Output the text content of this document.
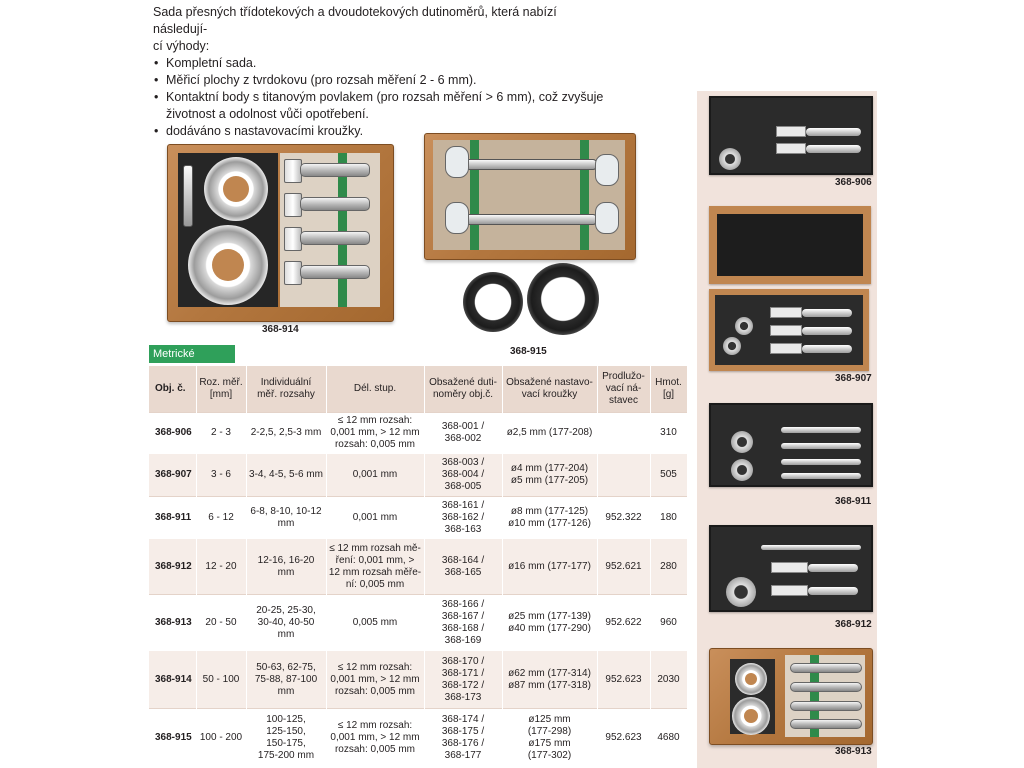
Sada přesných třídotekových a dvoudotekových dutinoměrů, která nabízí následují-

cí výhody:

• Kompletní sada.
• Měřicí plochy z tvrdokovu (pro rozsah měření 2 - 6 mm).
• Kontaktní body s titanovým povlakem (pro rozsah měření > 6 mm), což zvyšuje
životnost a odolnost vůči opotřebení.
• dodáváno s nastavovacími kroužky.
368-914
368-915
368-906
368-907
368-911
368-912
368-913
Metrické
Obj. č.	Roz. měř.
[mm]	Individuální
měř. rozsahy	Dél. stup.	Obsažené duti-
noměry obj.č.	Obsažené nastavo-
vací kroužky	Prodlužo-
vací ná-
stavec	Hmot.
[g]

368-906	2 - 3	2-2,5, 2,5-3 mm	≤ 12 mm rozsah:
0,001 mm, > 12 mm
rozsah: 0,005 mm	368-001 /
368-002	ø2,5 mm (177-208)		310
368-907	3 - 6	3-4, 4-5, 5-6 mm	0,001 mm	368-003 /
368-004 /
368-005	ø4 mm (177-204)
ø5 mm (177-205)		505
368-911	6 - 12	6-8, 8-10, 10-12
mm	0,001 mm	368-161 /
368-162 /
368-163	ø8 mm (177-125)
ø10 mm (177-126)	952.322	180
368-912	12 - 20	12-16, 16-20 mm	≤ 12 mm rozsah mě-
ření: 0,001 mm, >
12 mm rozsah měře-
ní: 0,005 mm	368-164 /
368-165	ø16 mm (177-177)	952.621	280
368-913	20 - 50	20-25, 25-30,
30-40, 40-50 mm	0,005 mm	368-166 /
368-167 /
368-168 /
368-169	ø25 mm (177-139)
ø40 mm (177-290)	952.622	960
368-914	50 - 100	50-63, 62-75,
75-88, 87-100
mm	≤ 12 mm rozsah:
0,001 mm, > 12 mm
rozsah: 0,005 mm	368-170 /
368-171 /
368-172 /
368-173	ø62 mm (177-314)
ø87 mm (177-318)	952.623	2030
368-915	100 - 200	100-125,
125-150,
150-175,
175-200 mm	≤ 12 mm rozsah:
0,001 mm, > 12 mm
rozsah: 0,005 mm	368-174 /
368-175 /
368-176 /
368-177	ø125 mm
(177-298)
ø175 mm
(177-302)	952.623	4680
